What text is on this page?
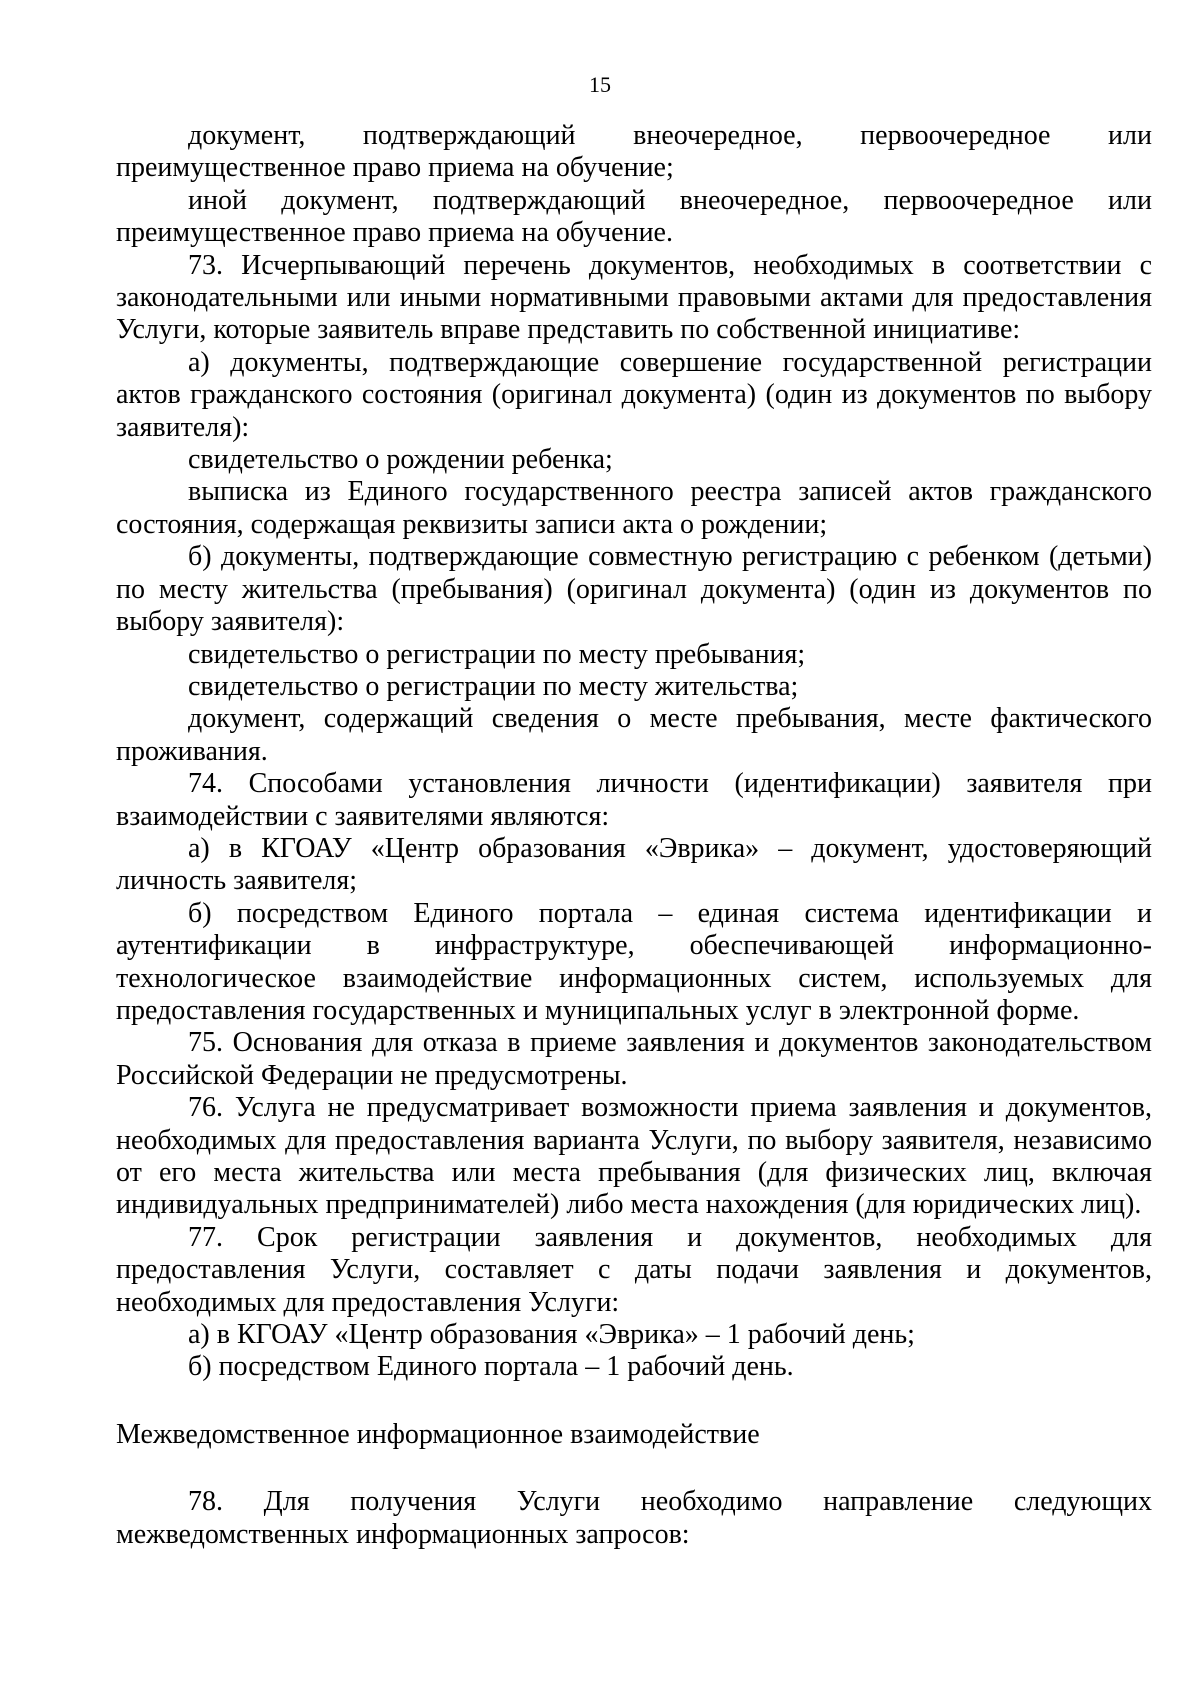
15

документ, подтверждающий внеочередное, первоочередное или преимущественное право приема на обучение;

иной документ, подтверждающий внеочередное, первоочередное или преимущественное право приема на обучение.

73. Исчерпывающий перечень документов, необходимых в соответствии с законодательными или иными нормативными правовыми актами для предоставления Услуги, которые заявитель вправе представить по собственной инициативе:

а) документы, подтверждающие совершение государственной регистрации актов гражданского состояния (оригинал документа) (один из документов по выбору заявителя):

свидетельство о рождении ребенка;

выписка из Единого государственного реестра записей актов гражданского состояния, содержащая реквизиты записи акта о рождении;

б) документы, подтверждающие совместную регистрацию с ребенком (детьми) по месту жительства (пребывания) (оригинал документа) (один из документов по выбору заявителя):

свидетельство о регистрации по месту пребывания;

свидетельство о регистрации по месту жительства;

документ, содержащий сведения о месте пребывания, месте фактического проживания.

74. Способами установления личности (идентификации) заявителя при взаимодействии с заявителями являются:

а) в КГОАУ «Центр образования «Эврика» – документ, удостоверяющий личность заявителя;

б) посредством Единого портала – единая система идентификации и аутентификации в инфраструктуре, обеспечивающей информационно-технологическое взаимодействие информационных систем, используемых для предоставления государственных и муниципальных услуг в электронной форме.

75. Основания для отказа в приеме заявления и документов законодательством Российской Федерации не предусмотрены.

76. Услуга не предусматривает возможности приема заявления и документов, необходимых для предоставления варианта Услуги, по выбору заявителя, независимо от его места жительства или места пребывания (для физических лиц, включая индивидуальных предпринимателей) либо места нахождения (для юридических лиц).

77. Срок регистрации заявления и документов, необходимых для предоставления Услуги, составляет с даты подачи заявления и документов, необходимых для предоставления Услуги:

а) в КГОАУ «Центр образования «Эврика» – 1 рабочий день;

б) посредством Единого портала – 1 рабочий день.

Межведомственное информационное взаимодействие

78. Для получения Услуги необходимо направление следующих межведомственных информационных запросов:
